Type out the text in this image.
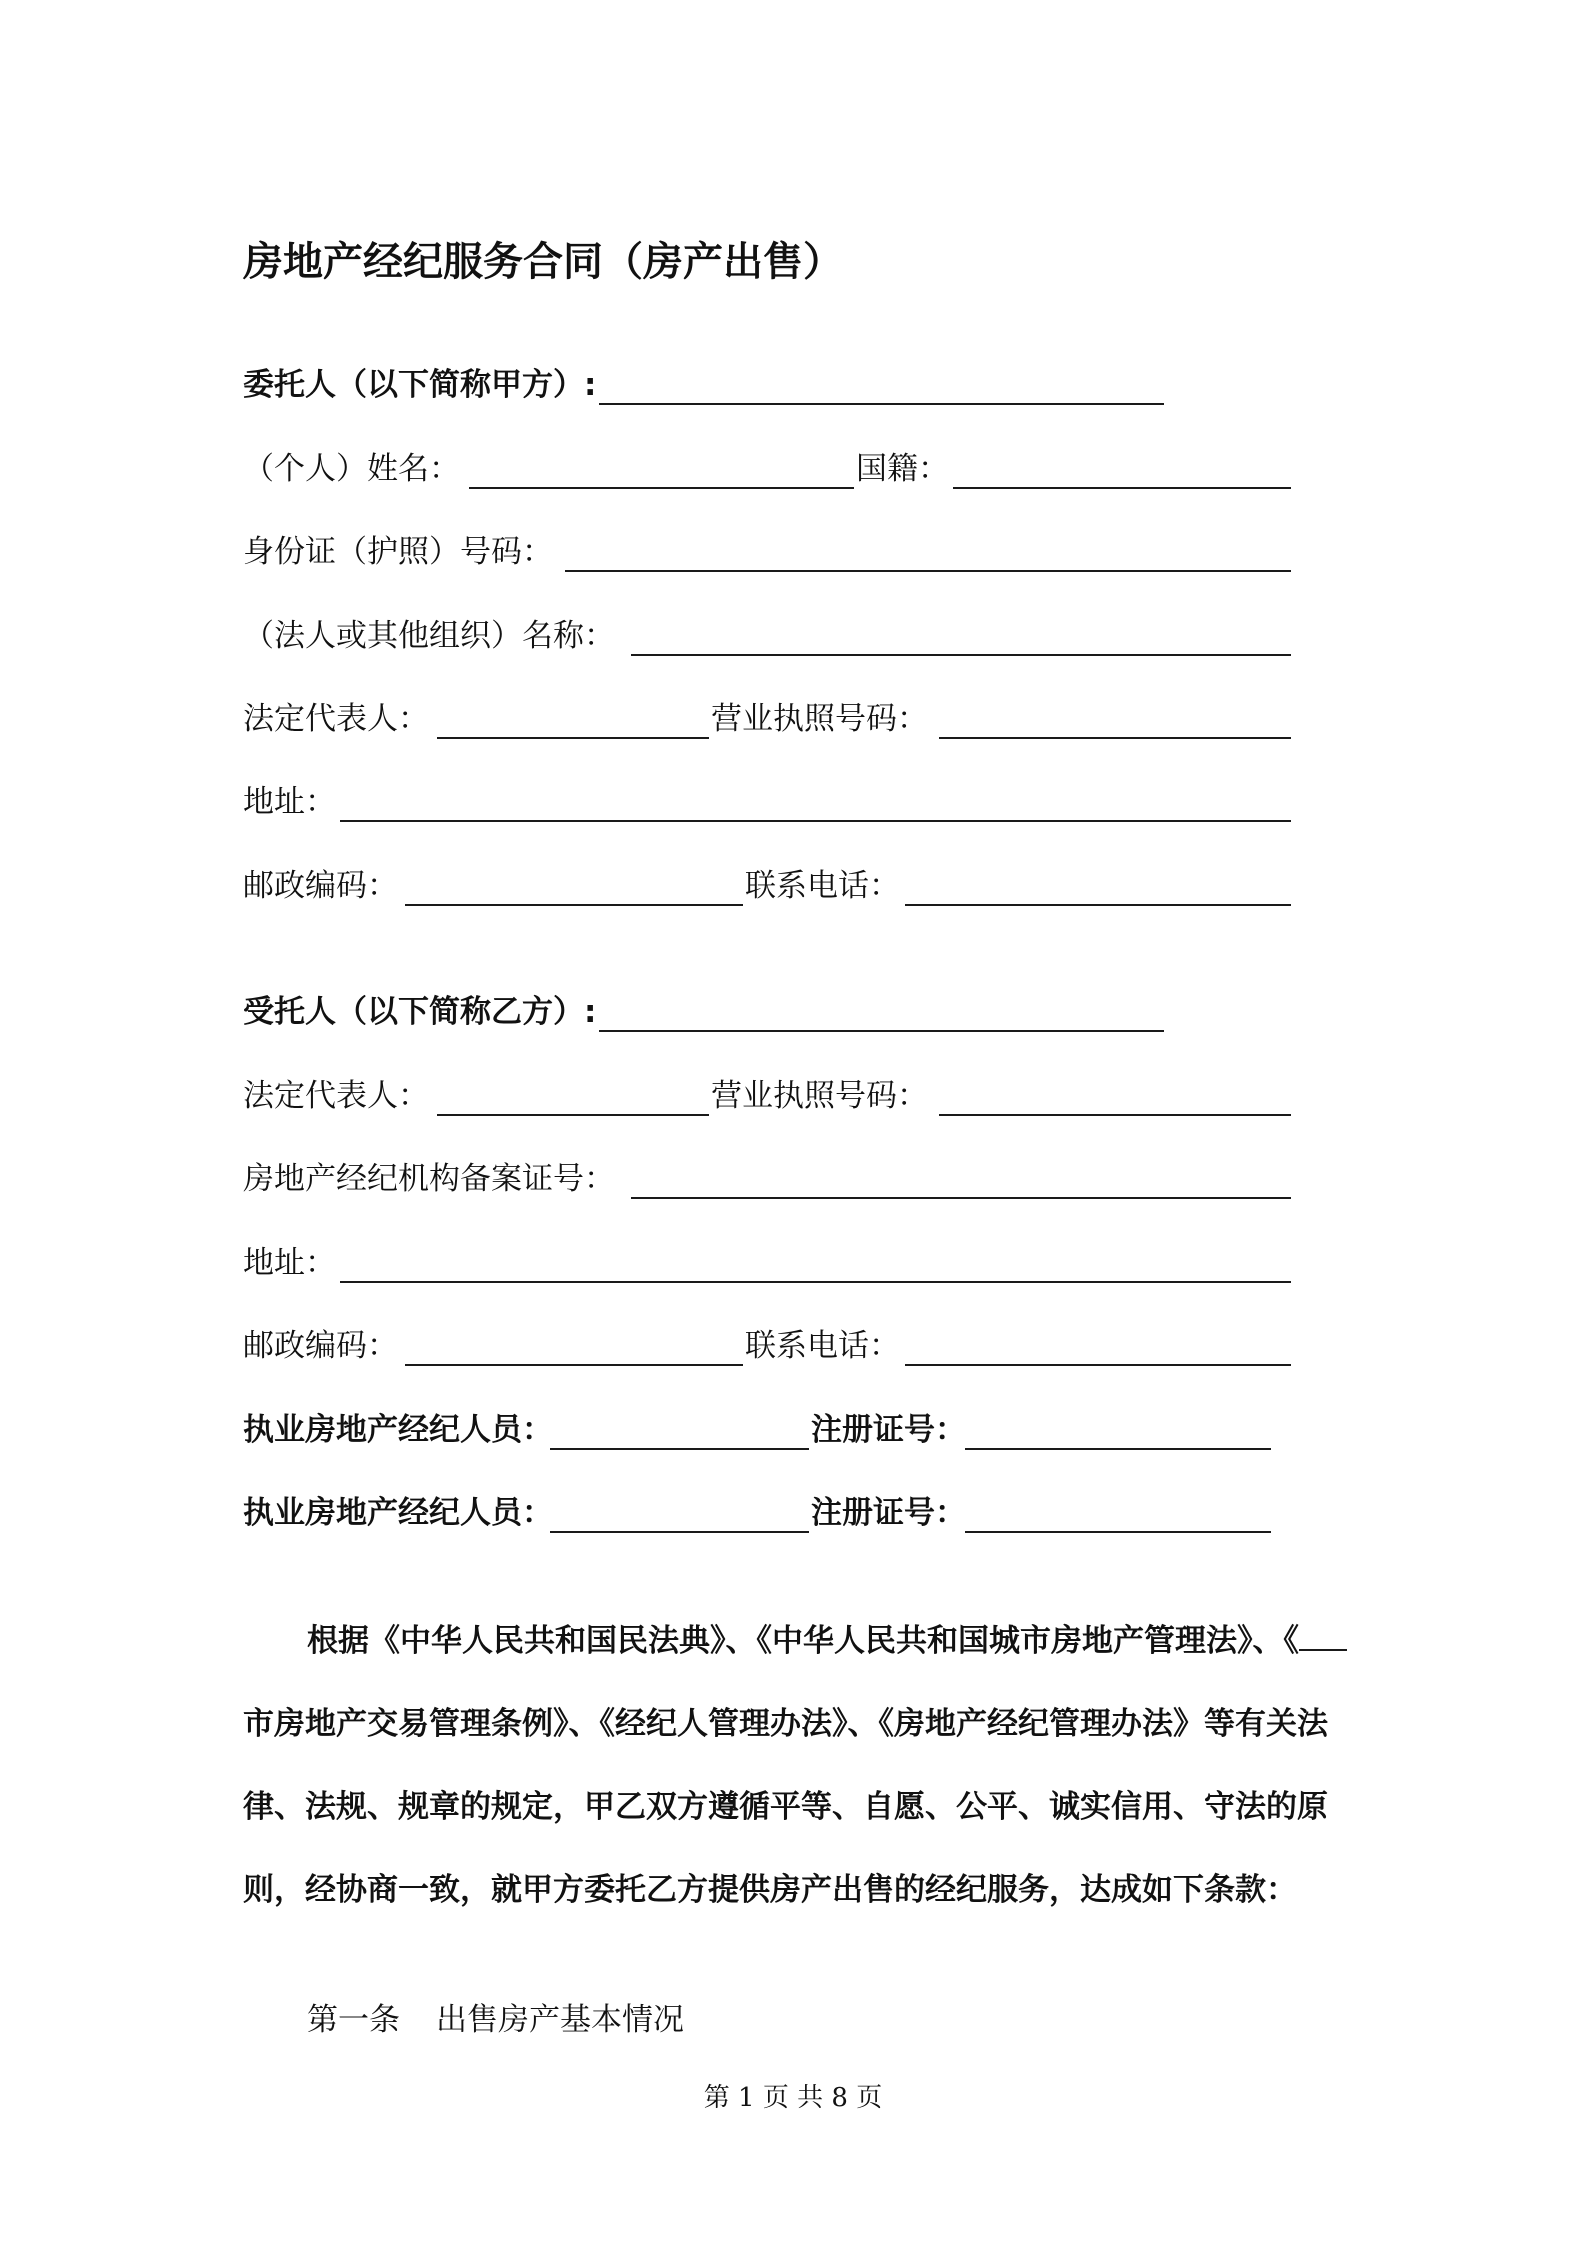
房地产经纪服务合同（房产出售）
委托人（以下简称甲方）:
（个人）姓名：	国籍：
身份证（护照）号码：
（法人或其他组织）名称：
法定代表人：	营业执照号码：
地址：
邮政编码：	联系电话：
受托人（以下简称乙方）:
法定代表人：	营业执照号码：
房地产经纪机构备案证号：
地址：
邮政编码：	联系电话：
执业房地产经纪人员：	注册证号：
执业房地产经纪人员：	注册证号：

根据《中华人民共和国民法典》、《中华人民共和国城市房地产管理法》、《

市房地产交易管理条例》、《经纪人管理办法》、《房地产经纪管理办法》等有关法

律、法规、规章的规定，甲乙双方遵循平等、自愿、公平、诚实信用、守法的原

则，经协商一致，就甲方委托乙方提供房产出售的经纪服务，达成如下条款：

第一条 出售房产基本情况
第 1 页 共 8 页
